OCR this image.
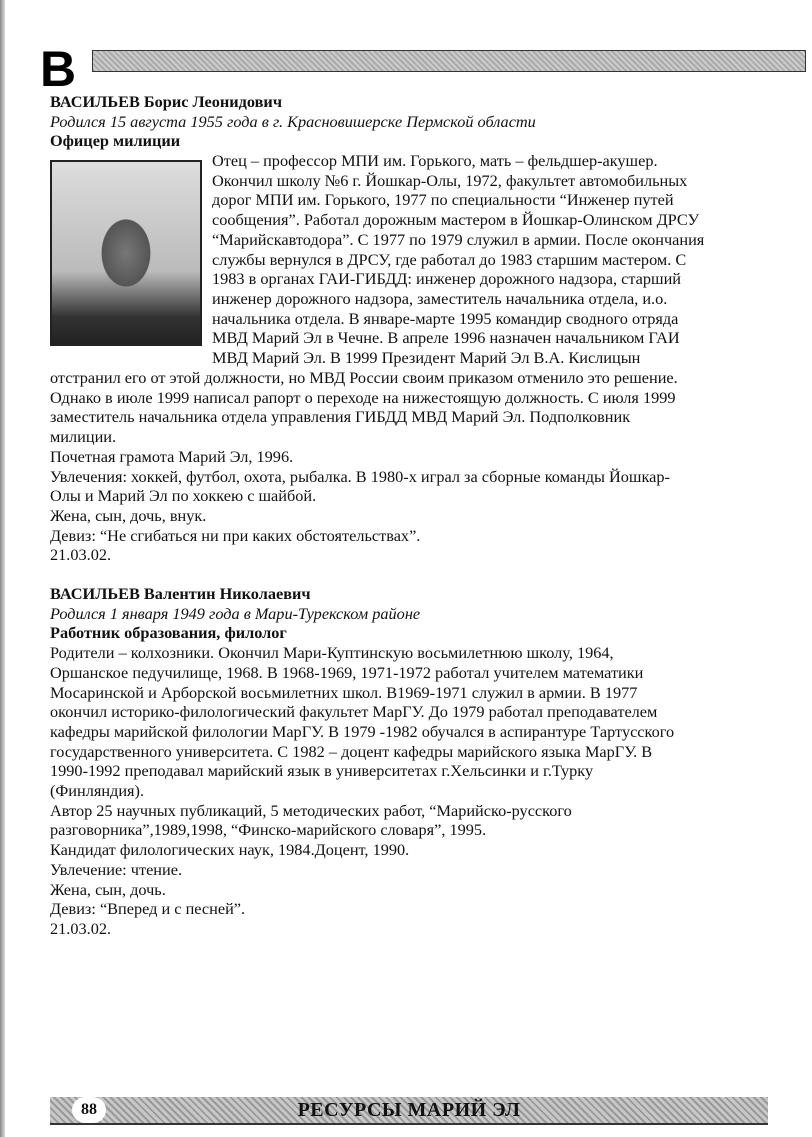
В
ВАСИЛЬЕВ Борис Леонидович
Родился 15 августа 1955 года в г. Красновишерске Пермской области
Офицер милиции
Отец – профессор МПИ им. Горького, мать – фельдшер-акушер.
Окончил школу №6 г. Йошкар-Олы, 1972, факультет автомобильных
дорог МПИ им. Горького, 1977 по специальности “Инженер путей
сообщения”. Работал дорожным мастером в Йошкар-Олинском ДРСУ
“Марийскавтодора”. С 1977 по 1979 служил в армии. После окончания
службы вернулся в ДРСУ, где работал до 1983 старшим мастером. С
1983 в органах ГАИ-ГИБДД: инженер дорожного надзора, старший
инженер дорожного надзора, заместитель начальника отдела, и.о.
начальника отдела. В январе-марте 1995 командир сводного отряда
МВД Марий Эл в Чечне. В апреле 1996 назначен начальником ГАИ
МВД Марий Эл. В 1999 Президент Марий Эл В.А. Кислицын
отстранил его от этой должности, но МВД России своим приказом отменило это решение.
Однако в июле 1999 написал рапорт о переходе на нижестоящую должность. С июля 1999
заместитель начальника отдела управления ГИБДД МВД Марий Эл. Подполковник
милиции.
Почетная грамота Марий Эл, 1996.
Увлечения: хоккей, футбол, охота, рыбалка. В 1980-х играл за сборные команды Йошкар-
Олы и Марий Эл по хоккею с шайбой.
Жена, сын, дочь, внук.
Девиз: “Не сгибаться ни при каких обстоятельствах”.
21.03.02.
ВАСИЛЬЕВ Валентин Николаевич
Родился 1 января 1949 года в Мари-Турекском районе
Работник образования, филолог
Родители – колхозники. Окончил Мари-Куптинскую восьмилетнюю школу, 1964,
Оршанское педучилище, 1968. В 1968-1969, 1971-1972 работал учителем математики
Мосаринской и Арборской восьмилетних школ. В1969-1971 служил в армии. В 1977
окончил историко-филологический факультет МарГУ. До 1979 работал преподавателем
кафедры марийской филологии МарГУ. В 1979 -1982 обучался в аспирантуре Тартусского
государственного университета. С 1982 – доцент кафедры марийского языка МарГУ. В
1990-1992 преподавал марийский язык в университетах г.Хельсинки и г.Турку
(Финляндия).
Автор 25 научных публикаций, 5 методических работ, “Марийско-русского
разговорника”,1989,1998, “Финско-марийского словаря”, 1995.
Кандидат филологических наук, 1984.Доцент, 1990.
Увлечение: чтение.
Жена, сын, дочь.
Девиз: “Вперед и с песней”.
21.03.02.
88	РЕСУРСЫ МАРИЙ ЭЛ
